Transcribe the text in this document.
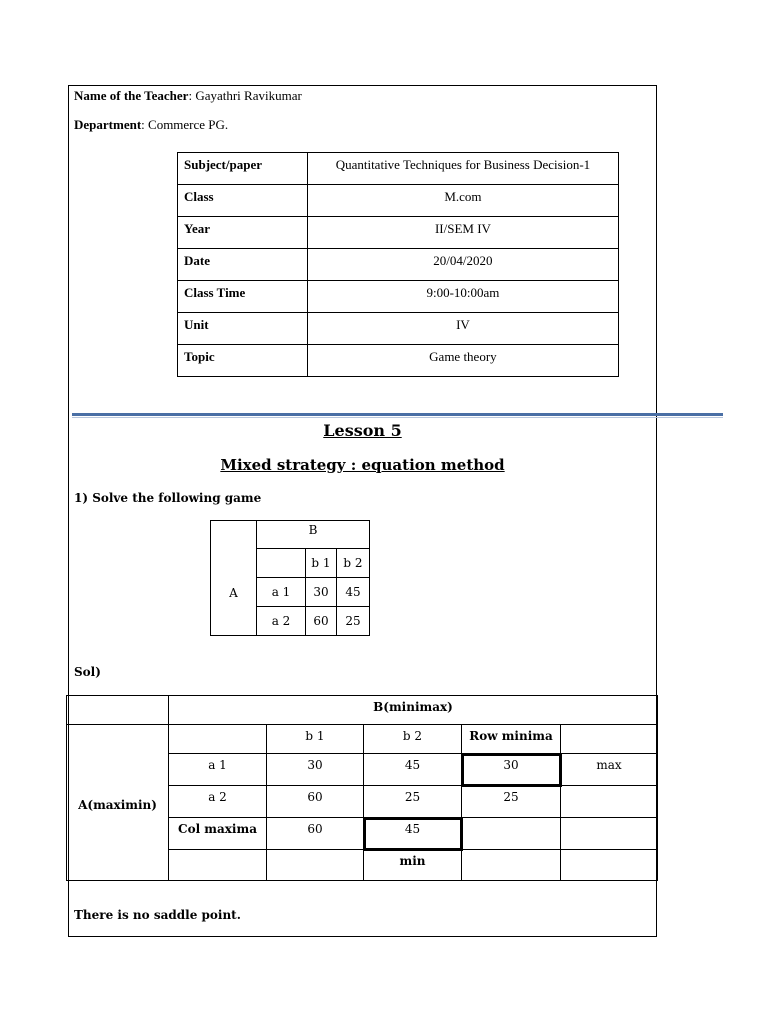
Name of the Teacher: Gayathri Ravikumar
Department: Commerce PG.
Subject/paper	Quantitative Techniques for Business Decision-1
Class	M.com
Year	II/SEM IV
Date	20/04/2020
Class Time	9:00-10:00am
Unit	IV
Topic	Game theory
Lesson 5
Mixed strategy : equation method
1) Solve the following game
	B		
		b 1	b 2
A	a 1	30	45
	a 2	60	25
Sol)
	B(minimax)				
A(maximin)		b 1	b 2	Row minima	
	a 1	30	45	30	max
	a 2	60	25	25	
	Col maxima	60	45		
			min		
There is no saddle point.
